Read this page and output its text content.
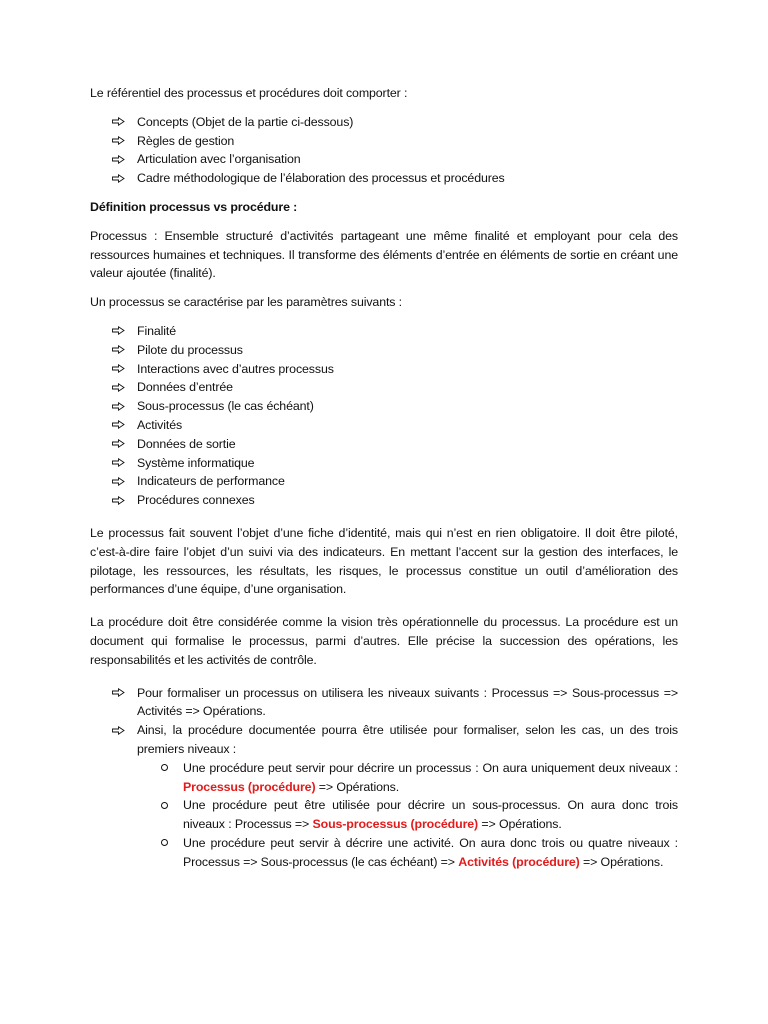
Le référentiel des processus et procédures doit comporter :

Concepts (Objet de la partie ci-dessous)
Règles de gestion
Articulation avec l’organisation
Cadre méthodologique de l’élaboration des processus et procédures

Définition processus vs procédure :

Processus : Ensemble structuré d’activités partageant une même finalité et employant pour cela des ressources humaines et techniques. Il transforme des éléments d’entrée en éléments de sortie en créant une valeur ajoutée (finalité).

Un processus se caractérise par les paramètres suivants :

Finalité
Pilote du processus
Interactions avec d’autres processus
Données d’entrée
Sous-processus (le cas échéant)
Activités
Données de sortie
Système informatique
Indicateurs de performance
Procédures connexes

Le processus fait souvent l’objet d’une fiche d’identité, mais qui n’est en rien obligatoire. Il doit être piloté, c’est-à-dire faire l’objet d’un suivi via des indicateurs. En mettant l’accent sur la gestion des interfaces, le pilotage, les ressources, les résultats, les risques, le processus constitue un outil d’amélioration des performances d’une équipe, d’une organisation.

La procédure doit être considérée comme la vision très opérationnelle du processus. La procédure est un document qui formalise le processus, parmi d’autres. Elle précise la succession des opérations, les responsabilités et les activités de contrôle.

Pour formaliser un processus on utilisera les niveaux suivants : Processus => Sous-processus => Activités => Opérations.
Ainsi, la procédure documentée pourra être utilisée pour formaliser, selon les cas, un des trois premiers niveaux :
Une procédure peut servir pour décrire un processus : On aura uniquement deux niveaux : Processus (procédure) => Opérations.
Une procédure peut être utilisée pour décrire un sous-processus. On aura donc trois niveaux : Processus => Sous-processus (procédure) => Opérations.
Une procédure peut servir à décrire une activité. On aura donc trois ou quatre niveaux : Processus => Sous-processus (le cas échéant) => Activités (procédure) => Opérations.
